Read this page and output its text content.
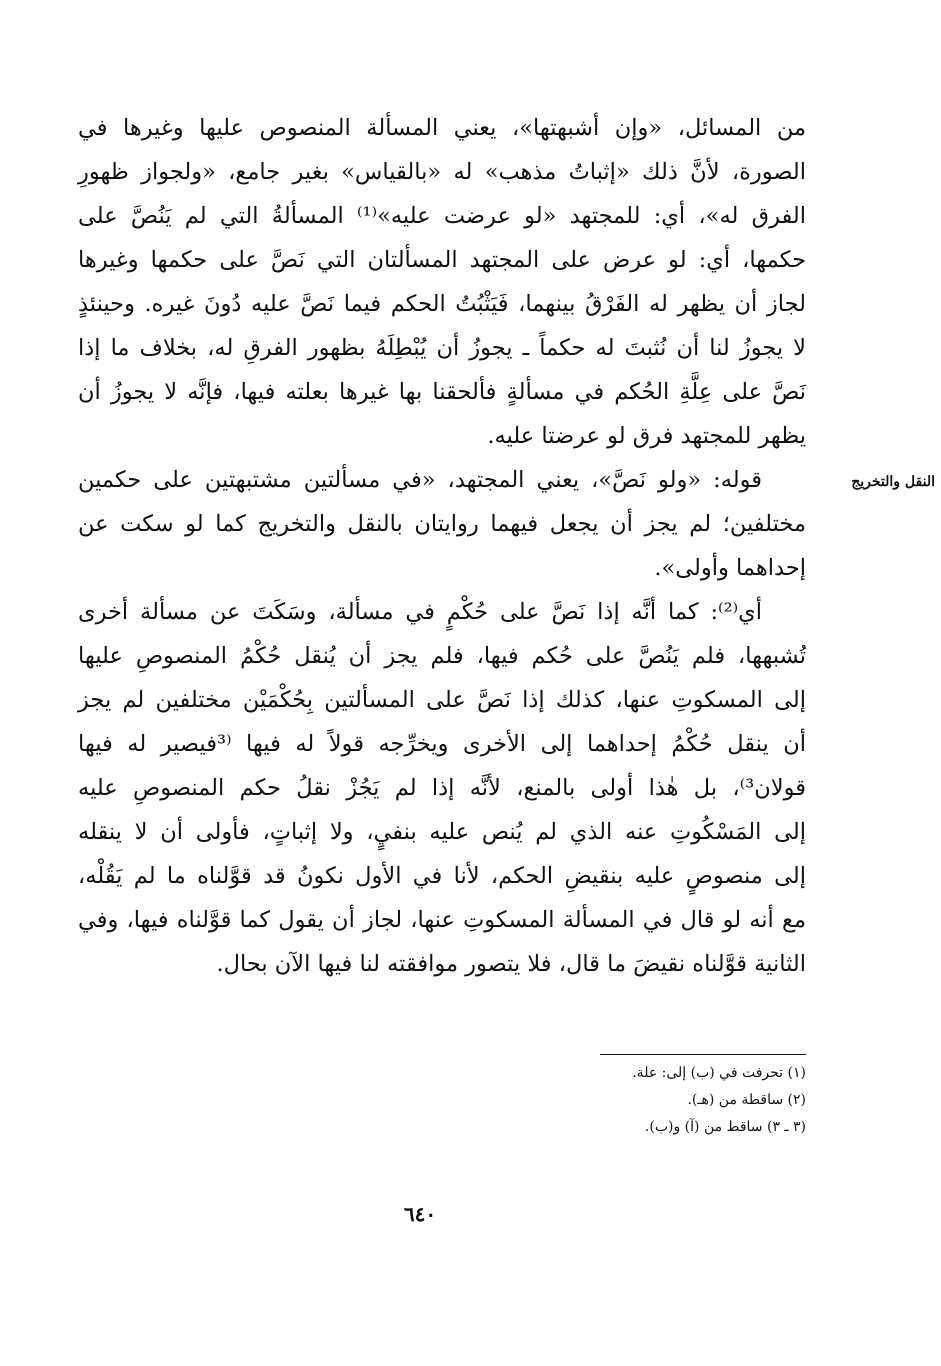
من المسائل، «وإن أشبهتها»، يعني المسألة المنصوص عليها وغيرها في
الصورة، لأنَّ ذلك «إثباتُ مذهب» له «بالقياس» بغير جامع، «ولجواز ظهورِ
الفرق له»، أي: للمجتهد «لو عرضت عليه»⁽¹⁾ المسألةُ التي لم يَنُصَّ على
حكمها، أي: لو عرض على المجتهد المسألتان التي نَصَّ على حكمها وغيرها
لجاز أن يظهر له الفَرْقُ بينهما، فَيَثْبُتُ الحكم فيما نَصَّ عليه دُونَ غيره. وحينئذٍ
لا يجوزُ لنا أن نُثبتَ له حكماً ـ يجوزُ أن يُبْطِلَهُ بظهور الفرقِ له، بخلاف ما إذا
نَصَّ على عِلَّةِ الحُكم في مسألةٍ فألحقنا بها غيرها بعلته فيها، فإنَّه لا يجوزُ أن
يظهر للمجتهد فرق لو عرضتا عليه.
قوله: «ولو نَصَّ»، يعني المجتهد، «في مسألتين مشتبهتين على حكمين
مختلفين؛ لم يجز أن يجعل فيهما روايتان بالنقل والتخريج كما لو سكت عن
إحداهما وأولى».
أي⁽²⁾: كما أنَّه إذا نَصَّ على حُكْمٍ في مسألة، وسَكَتَ عن مسألة أخرى
تُشبهها، فلم يَنُصَّ على حُكم فيها، فلم يجز أن يُنقل حُكْمُ المنصوصِ عليها
إلى المسكوتِ عنها، كذلك إذا نَصَّ على المسألتين بِحُكْمَيْن مختلفين لم يجز
أن ينقل حُكْمُ إحداهما إلى الأخرى ويخرِّجه قولاً له فيها ⁽³فيصير له فيها
قولان³⁾، بل هٰذا أولى بالمنع، لأنَّه إذا لم يَجُزْ نقلُ حكم المنصوصِ عليه
إلى المَسْكُوتِ عنه الذي لم يُنص عليه بنفيٍ، ولا إثباتٍ، فأولى أن لا ينقله
إلى منصوصٍ عليه بنقيضِ الحكم، لأنا في الأول نكونُ قد قوَّلناه ما لم يَقُلْه،
مع أنه لو قال في المسألة المسكوتِ عنها، لجاز أن يقول كما قوَّلناه فيها، وفي
الثانية قوَّلناه نقيضَ ما قال، فلا يتصور موافقته لنا فيها الآن بحال.
النقل والتخريج
(١) تحرفت في (ب) إلى: علة.
(٢) ساقطة من (هـ).
(٣ ـ ٣) ساقط من (آ) و(ب).
٦٤٠
